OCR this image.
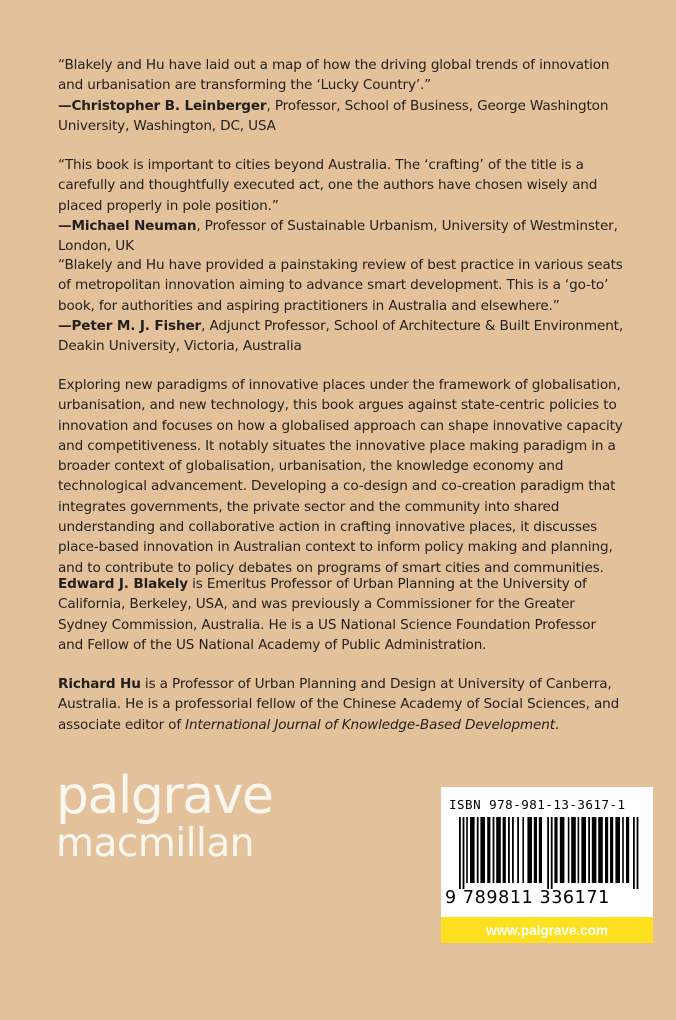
“Blakely and Hu have laid out a map of how the driving global trends of innovation and urbanisation are transforming the ‘Lucky Country’.”

—Christopher B. Leinberger, Professor, School of Business, George Washington University, Washington, DC, USA

“This book is important to cities beyond Australia. The ‘crafting’ of the title is a carefully and thoughtfully executed act, one the authors have chosen wisely and placed properly in pole position.”

—Michael Neuman, Professor of Sustainable Urbanism, University of Westminster, London, UK

“Blakely and Hu have provided a painstaking review of best practice in various seats of metropolitan innovation aiming to advance smart development. This is a ‘go-to’ book, for authorities and aspiring practitioners in Australia and elsewhere.”

—Peter M. J. Fisher, Adjunct Professor, School of Architecture & Built Environment, Deakin University, Victoria, Australia

Exploring new paradigms of innovative places under the framework of globalisation, urbanisation, and new technology, this book argues against state-centric policies to innovation and focuses on how a globalised approach can shape innovative capacity and competitiveness. It notably situates the innovative place making paradigm in a broader context of globalisation, urbanisation, the knowledge economy and technological advancement. Developing a co-design and co-creation paradigm that integrates governments, the private sector and the community into shared understanding and collaborative action in crafting innovative places, it discusses place-based innovation in Australian context to inform policy making and planning, and to contribute to policy debates on programs of smart cities and communities.

Edward J. Blakely is Emeritus Professor of Urban Planning at the University of California, Berkeley, USA, and was previously a Commissioner for the Greater Sydney Commission, Australia. He is a US National Science Foundation Professor and Fellow of the US National Academy of Public Administration.

Richard Hu is a Professor of Urban Planning and Design at University of Canberra, Australia. He is a professorial fellow of the Chinese Academy of Social Sciences, and associate editor of International Journal of Knowledge-Based Development.

palgrave
macmillan
ISBN 978-981-13-3617-1
9 789811 336171
www.palgrave.com
